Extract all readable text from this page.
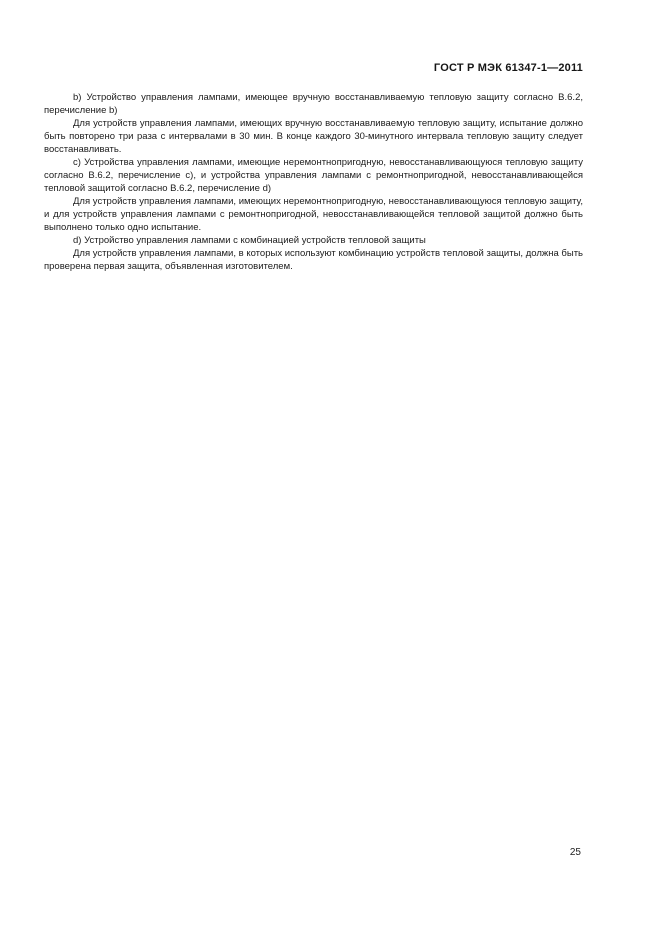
ГОСТ Р МЭК 61347-1—2011

b) Устройство управления лампами, имеющее вручную восстанавливаемую тепловую защиту согласно В.6.2, перечисление b)

Для устройств управления лампами, имеющих вручную восстанавливаемую тепловую защиту, испытание должно быть повторено три раза с интервалами в 30 мин. В конце каждого 30-минутного интервала тепловую защиту следует восстанавливать.

c) Устройства управления лампами, имеющие неремонтнопригодную, невосстанавливающуюся тепловую защиту согласно В.6.2, перечисление c), и устройства управления лампами с ремонтнопригодной, невосстанавливающейся тепловой защитой согласно В.6.2, перечисление d)

Для устройств управления лампами, имеющих неремонтнопригодную, невосстанавливающуюся тепловую защиту, и для устройств управления лампами с ремонтнопригодной, невосстанавливающейся тепловой защитой должно быть выполнено только одно испытание.

d) Устройство управления лампами с комбинацией устройств тепловой защиты

Для устройств управления лампами, в которых используют комбинацию устройств тепловой защиты, должна быть проверена первая защита, объявленная изготовителем.

25
